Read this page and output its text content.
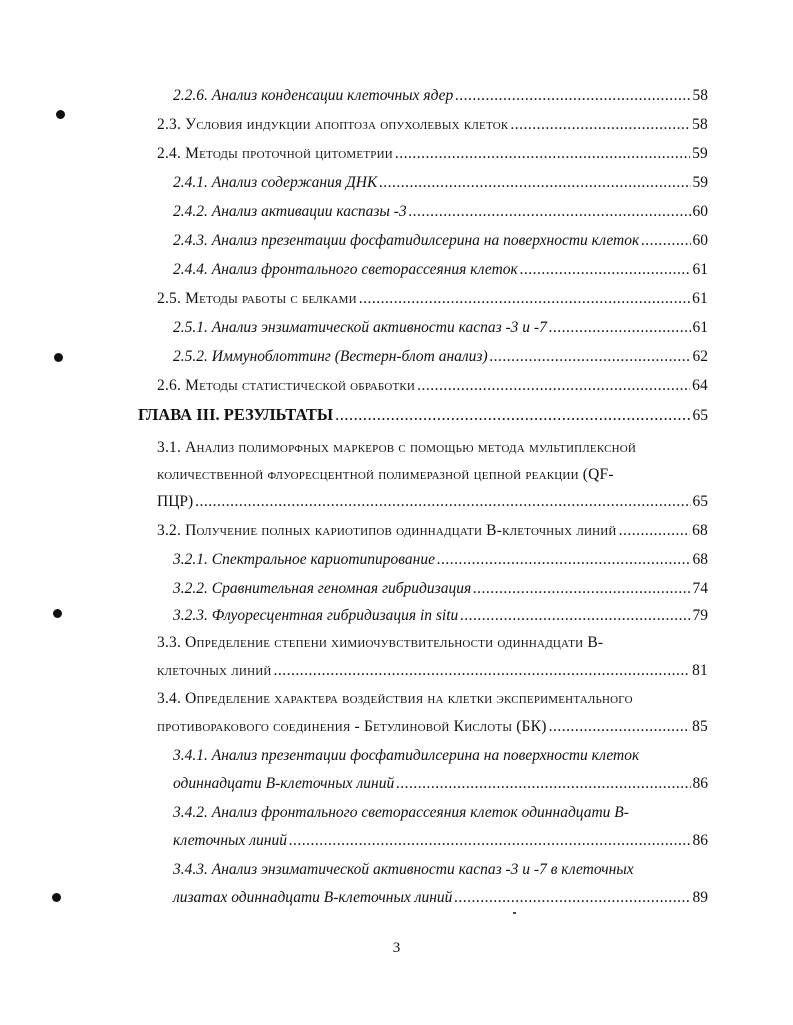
2.2.6. Анализ конденсации клеточных ядер .....	58
2.3. Условия индукции апоптоза опухолевых клеток .....	58
2.4. Методы проточной цитометрии .....	59
2.4.1. Анализ содержания ДНК .....	59
2.4.2. Анализ активации каспазы -3 .....	60
2.4.3. Анализ презентации фосфатидилсерина на поверхности клеток .....	60
2.4.4. Анализ фронтального светорассеяния клеток .....	61
2.5. Методы работы с белками .....	61
2.5.1. Анализ энзиматической активности каспаз -3 и -7 .....	61
2.5.2. Иммуноблоттинг (Вестерн-блот анализ) .....	62
2.6. Методы статистической обработки .....	64
ГЛАВА III. РЕЗУЛЬТАТЫ .....	65
3.1. Анализ полиморфных маркеров с помощью метода мультиплексной
количественной флуоресцентной полимеразной цепной реакции (QF-
ПЦР) .....	65
3.2. Получение полных кариотипов одиннадцати В-клеточных линий .....	68
3.2.1. Спектральное кариотипирование .....	68
3.2.2. Сравнительная геномная гибридизация .....	74
3.2.3. Флуоресцентная гибридизация in situ .....	79
3.3. Определение степени химиочувствительности одиннадцати В-
клеточных линий .....	81
3.4. Определение характера воздействия на клетки экспериментального
противоракового соединения - Бетулиновой Кислоты (БК) .....	85
3.4.1. Анализ презентации фосфатидилсерина на поверхности клеток
одиннадцати В-клеточных линий .....	86
3.4.2. Анализ фронтального светорассеяния клеток одиннадцати В-
клеточных линий .....	86
3.4.3. Анализ энзиматической активности каспаз -3 и -7 в клеточных
лизатах одиннадцати В-клеточных линий .....	89
3
